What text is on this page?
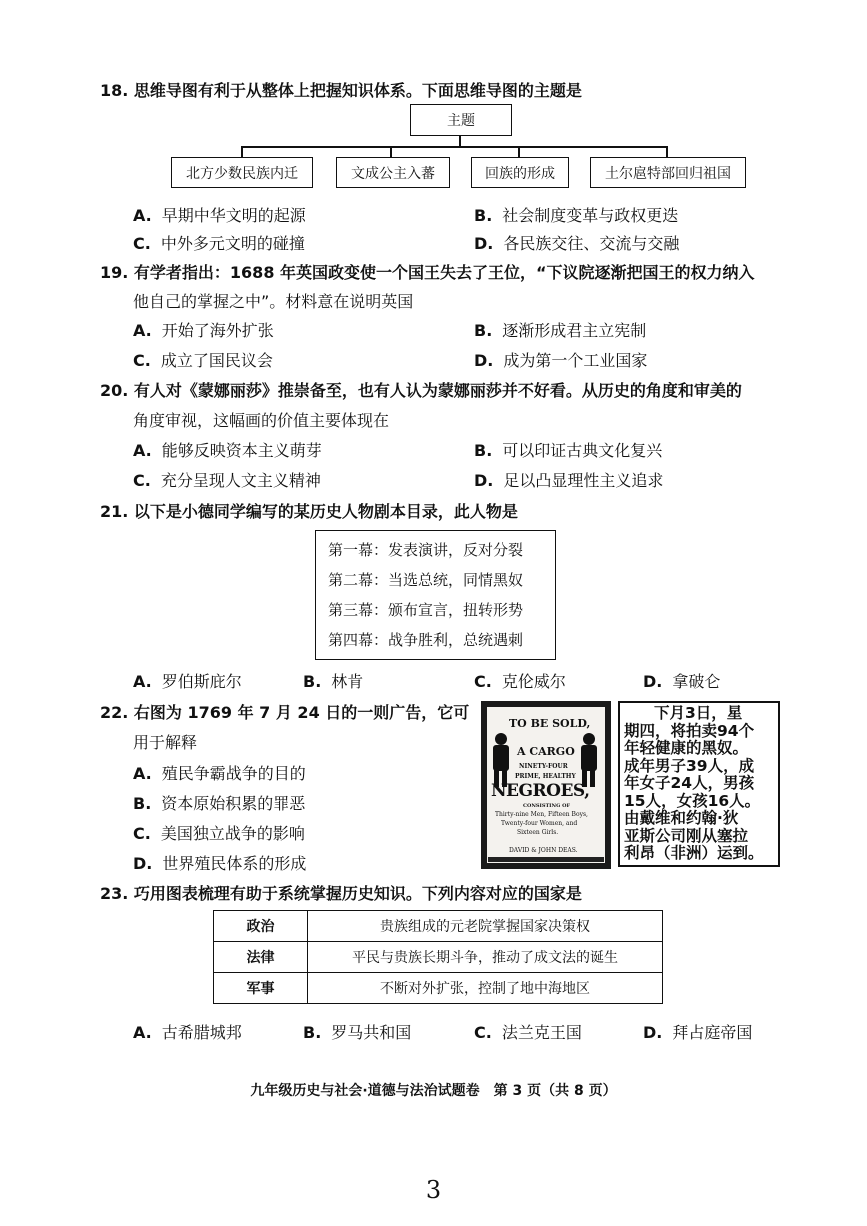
18. 思维导图有利于从整体上把握知识体系。下面思维导图的主题是
主题
北方少数民族内迁	文成公主入蕃	回族的形成	土尔扈特部回归祖国
A. 早期中华文明的起源	B. 社会制度变革与政权更迭
C. 中外多元文明的碰撞	D. 各民族交往、交流与交融
19. 有学者指出：1688 年英国政变使一个国王失去了王位，“下议院逐渐把国王的权力纳入
他自己的掌握之中”。材料意在说明英国
A. 开始了海外扩张	B. 逐渐形成君主立宪制
C. 成立了国民议会	D. 成为第一个工业国家
20. 有人对《蒙娜丽莎》推崇备至，也有人认为蒙娜丽莎并不好看。从历史的角度和审美的
角度审视，这幅画的价值主要体现在
A. 能够反映资本主义萌芽	B. 可以印证古典文化复兴
C. 充分呈现人文主义精神	D. 足以凸显理性主义追求
21. 以下是小德同学编写的某历史人物剧本目录，此人物是
第一幕：发表演讲，反对分裂
第二幕：当选总统，同情黑奴
第三幕：颁布宣言，扭转形势
第四幕：战争胜利，总统遇刺
A. 罗伯斯庇尔	B. 林肯	C. 克伦威尔	D. 拿破仑
22. 右图为 1769 年 7 月 24 日的一则广告，它可
用于解释
A. 殖民争霸战争的目的
B. 资本原始积累的罪恶
C. 美国独立战争的影响
D. 世界殖民体系的形成
TO BE SOLD,
A CARGO
NINETY-FOUR
PRIME, HEALTHY
NEGROES,
CONSISTING OF
Thirty-nine Men, Fifteen Boys,
Twenty-four Women, and
Sixteen Girls.
DAVID & JOHN DEAS.
下月3日，星
期四，将拍卖94个
年轻健康的黑奴。
成年男子39人，成
年女子24人，男孩
15人，女孩16人。
由戴维和约翰·狄
亚斯公司刚从塞拉
利昂（非洲）运到。
23. 巧用图表梳理有助于系统掌握历史知识。下列内容对应的国家是
政治	贵族组成的元老院掌握国家决策权
法律	平民与贵族长期斗争，推动了成文法的诞生
军事	不断对外扩张，控制了地中海地区
A. 古希腊城邦	B. 罗马共和国	C. 法兰克王国	D. 拜占庭帝国
九年级历史与社会·道德与法治试题卷　第 3 页（共 8 页）
3
